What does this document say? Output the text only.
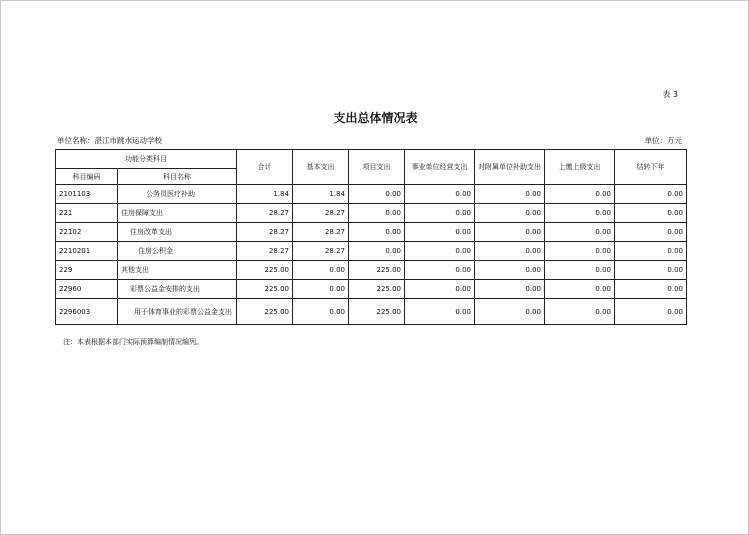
表 3
支出总体情况表
单位名称：湛江市跳水运动学校	单位：万元
功能分类科目		合计	基本支出	项目支出	事业单位经营支出	对附属单位补助支出	上缴上级支出	结转下年
科目编码	科目名称							
2101103	公务员医疗补助	1.84	1.84	0.00	0.00	0.00	0.00	0.00
221	住房保障支出	28.27	28.27	0.00	0.00	0.00	0.00	0.00
22102	住房改革支出	28.27	28.27	0.00	0.00	0.00	0.00	0.00
2210201	住房公积金	28.27	28.27	0.00	0.00	0.00	0.00	0.00
229	其他支出	225.00	0.00	225.00	0.00	0.00	0.00	0.00
22960	彩票公益金安排的支出	225.00	0.00	225.00	0.00	0.00	0.00	0.00
2296003	用于体育事业的彩票公益金支出	225.00	0.00	225.00	0.00	0.00	0.00	0.00
注：本表根据本部门实际预算编制情况编列。
